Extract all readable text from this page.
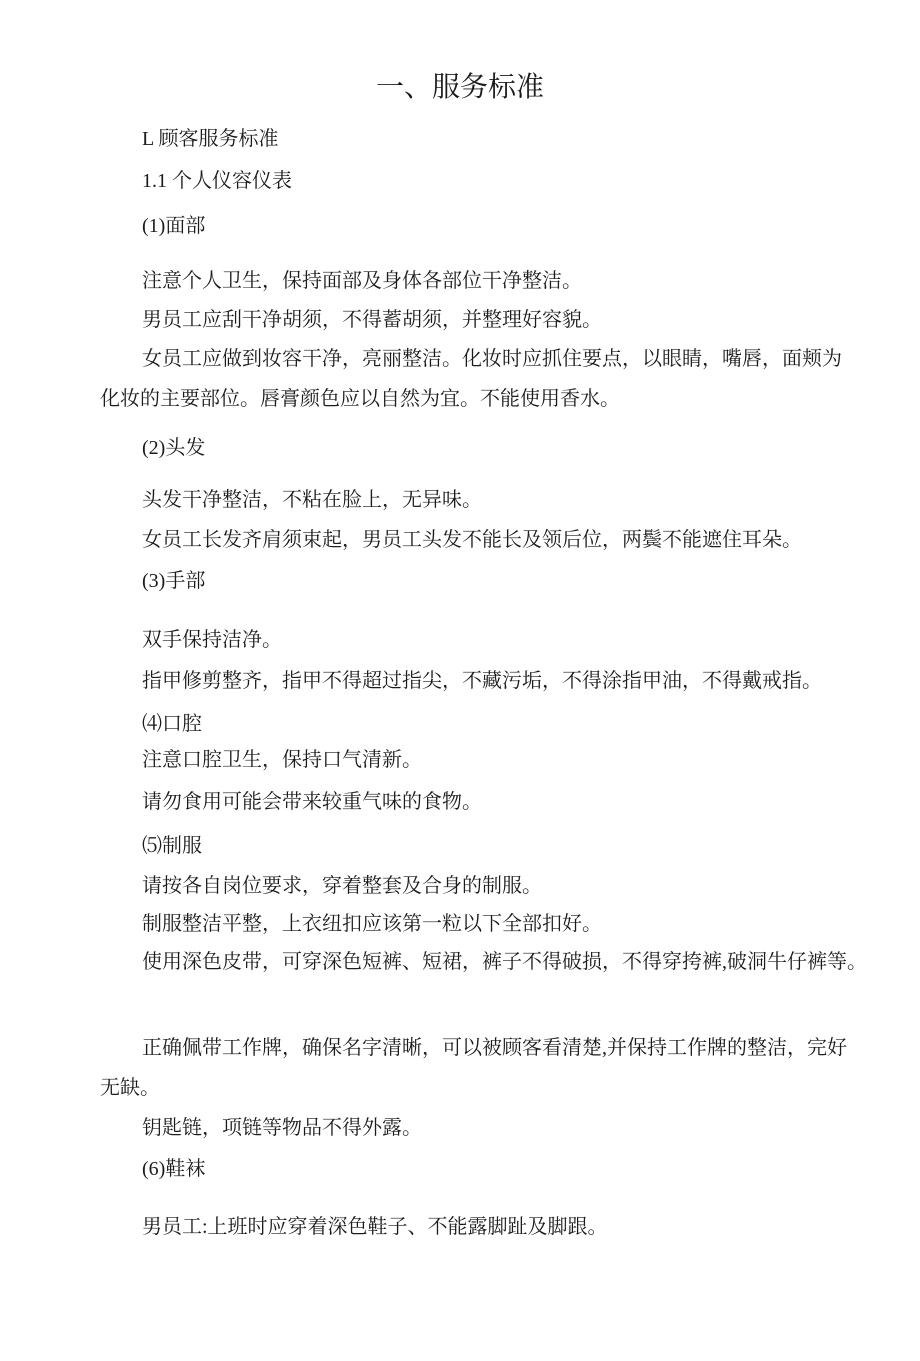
一、服务标准
L 顾客服务标准
1.1 个人仪容仪表
(1)面部
注意个人卫生，保持面部及身体各部位干净整洁。
男员工应刮干净胡须，不得蓄胡须，并整理好容貌。
女员工应做到妆容干净，亮丽整洁。化妆时应抓住要点，以眼睛，嘴唇，面颊为
化妆的主要部位。唇膏颜色应以自然为宜。不能使用香水。
(2)头发
头发干净整洁，不粘在脸上，无异味。
女员工长发齐肩须束起，男员工头发不能长及领后位，两鬓不能遮住耳朵。
(3)手部
双手保持洁净。
指甲修剪整齐，指甲不得超过指尖，不藏污垢，不得涂指甲油，不得戴戒指。
⑷口腔
注意口腔卫生，保持口气清新。
请勿食用可能会带来较重气味的食物。
⑸制服
请按各自岗位要求，穿着整套及合身的制服。
制服整洁平整，上衣纽扣应该第一粒以下全部扣好。
使用深色皮带，可穿深色短裤、短裙，裤子不得破损，不得穿挎裤,破洞牛仔裤等。
正确佩带工作牌，确保名字清晰，可以被顾客看清楚,并保持工作牌的整洁，完好
无缺。
钥匙链，项链等物品不得外露。
(6)鞋袜
男员工:上班时应穿着深色鞋子、不能露脚趾及脚跟。
